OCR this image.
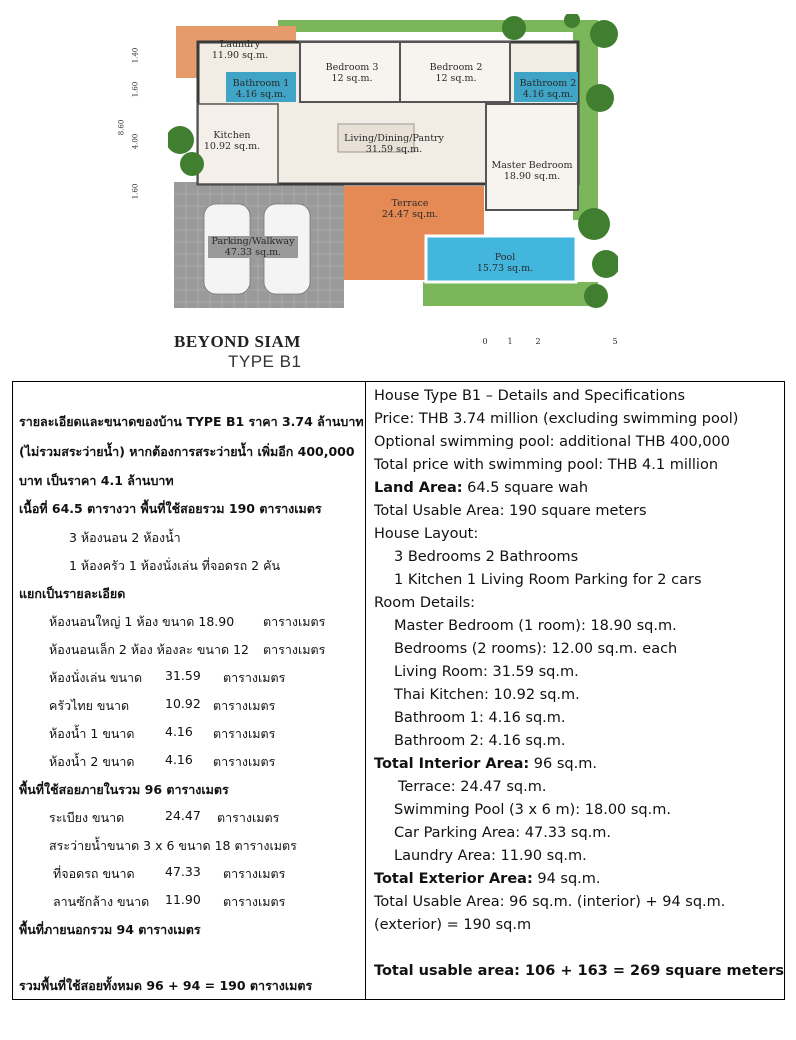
Laundry
11.90 sq.m.
Bathroom 1
4.16 sq.m.
Bedroom 3
12 sq.m.
Bedroom 2
12 sq.m.	Bathroom 2
4.16 sq.m.
Kitchen
10.92 sq.m.
Living/Dining/Pantry
31.59 sq.m.
Master Bedroom
18.90 sq.m.
Terrace
24.47 sq.m.
Parking/Walkway
47.33 sq.m.	Pool
15.73 sq.m.
1.40
1.60
8.60
4.00
1.60
0	1	2	5
BEYOND SIAM
TYPE B1
รายละเอียดและขนาดของบ้าน TYPE B1 ราคา 3.74 ล้านบาท
(ไม่รวมสระว่ายน้ำ) หากต้องการสระว่ายน้ำ เพิ่มอีก 400,000
บาท เป็นราคา 4.1 ล้านบาท
เนื้อที่ 64.5 ตารางวา พื้นที่ใช้สอยรวม 190 ตารางเมตร
3 ห้องนอน 2 ห้องน้ำ
1 ห้องครัว 1 ห้องนั่งเล่น ที่จอดรถ 2 คัน
แยกเป็นรายละเอียด
ห้องนอนใหญ่ 1 ห้อง ขนาด 18.90 ตารางเมตร
ห้องนอนเล็ก 2 ห้อง ห้องละ ขนาด 12 ตารางเมตร
ห้องนั่งเล่น ขนาด 31.59 ตารางเมตร
ครัวไทย ขนาด	10.92 ตารางเมตร
ห้องน้ำ 1 ขนาด 4.16 ตารางเมตร
ห้องน้ำ 2 ขนาด 4.16 ตารางเมตร
พื้นที่ใช้สอยภายในรวม 96 ตารางเมตร
ระเบียง ขนาด	24.47 ตารางเมตร
สระว่ายน้ำขนาด 3 x 6 ขนาด 18 ตารางเมตร
ที่จอดรถ ขนาด 47.33 ตารางเมตร
ลานซักล้าง ขนาด 11.90 ตารางเมตร
พื้นที่ภายนอกรวม 94 ตารางเมตร
รวมพื้นที่ใช้สอยทั้งหมด 96 + 94 = 190 ตารางเมตร
House Type B1 – Details and Specifications
Price: THB 3.74 million (excluding swimming pool)
Optional swimming pool: additional THB 400,000
Total price with swimming pool: THB 4.1 million
Land Area: 64.5 square wah
Total Usable Area: 190 square meters
House Layout:
3 Bedrooms 2 Bathrooms
1 Kitchen 1 Living Room Parking for 2 cars
Room Details:
Master Bedroom (1 room): 18.90 sq.m.
Bedrooms (2 rooms): 12.00 sq.m. each
Living Room: 31.59 sq.m.
Thai Kitchen: 10.92 sq.m.
Bathroom 1: 4.16 sq.m.
Bathroom 2: 4.16 sq.m.
Total Interior Area: 96 sq.m.
Terrace: 24.47 sq.m.
Swimming Pool (3 x 6 m): 18.00 sq.m.
Car Parking Area: 47.33 sq.m.
Laundry Area: 11.90 sq.m.
Total Exterior Area: 94 sq.m.
Total Usable Area: 96 sq.m. (interior) + 94 sq.m.
(exterior) = 190 sq.m
Total usable area: 106 + 163 = 269 square meters
